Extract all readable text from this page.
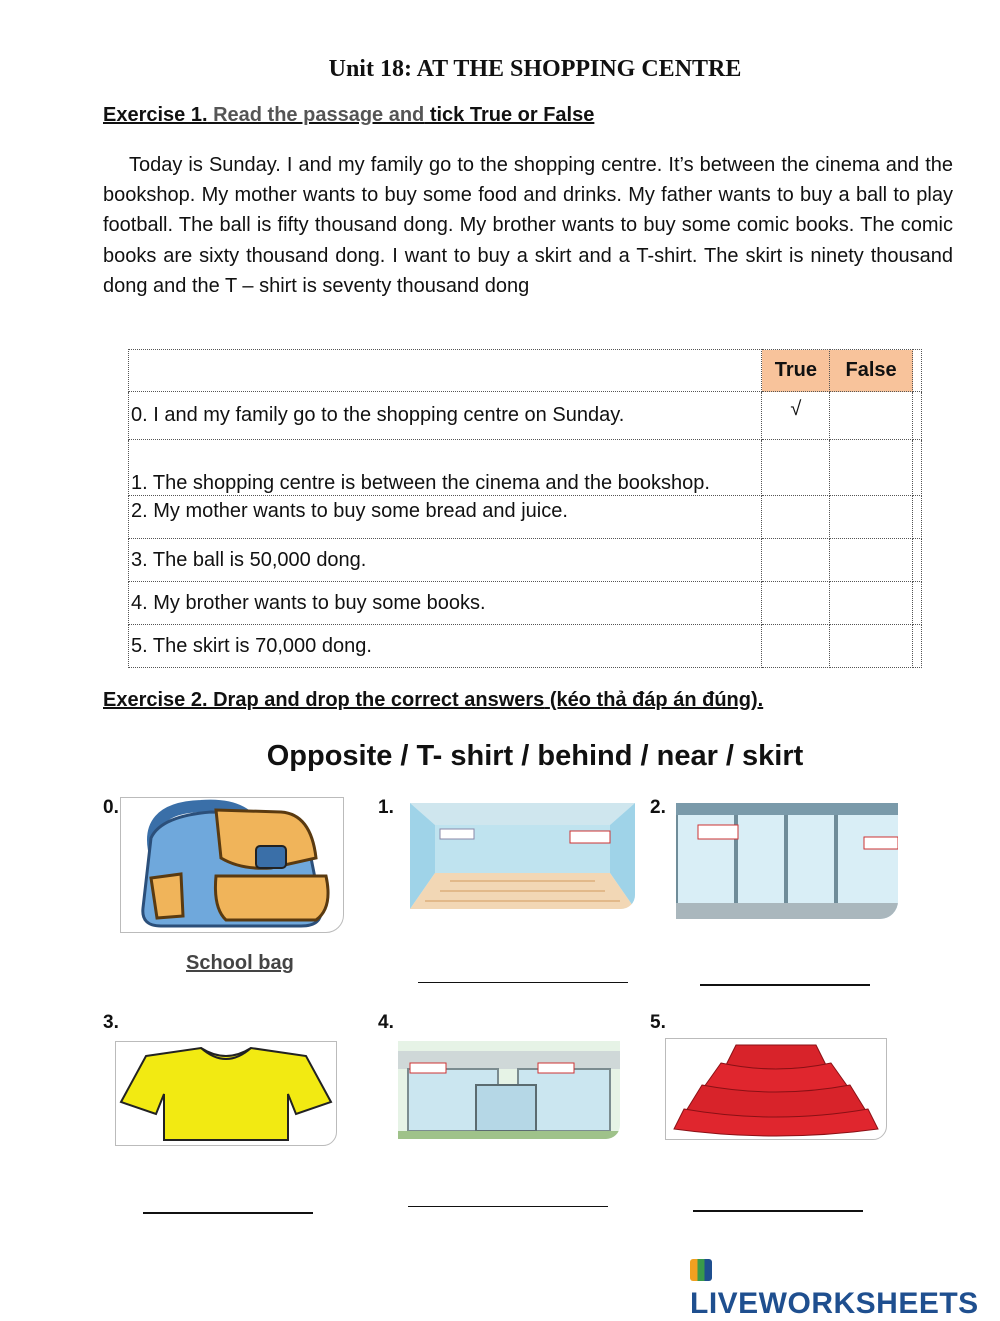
Unit 18: AT THE SHOPPING CENTRE
Exercise 1. Read the passage and tick True or False

Today is Sunday. I and my family go to the shopping centre. It’s between the cinema and the bookshop. My mother wants to buy some food and drinks. My father wants to buy a ball to play football. The ball is fifty thousand dong. My brother wants to buy some comic books. The comic books are sixty thousand dong. I want to buy a skirt and a T-shirt. The skirt is ninety thousand dong and the T – shirt is seventy thousand dong

	True	False	
0. I and my family go to the shopping centre on Sunday.	√		
1. The shopping centre is between the cinema and the bookshop.			
2. My mother wants to buy some bread and juice.			
3. The ball is 50,000 dong.			
4. My brother wants to buy some books.			
5. The skirt is 70,000 dong.			
Exercise 2. Drap and drop the correct answers (kéo thả đáp án đúng).
Opposite / T- shirt / behind / near / skirt
0.
School bag
1.	2.
3.	4.	5.
LIVEWORKSHEETS
